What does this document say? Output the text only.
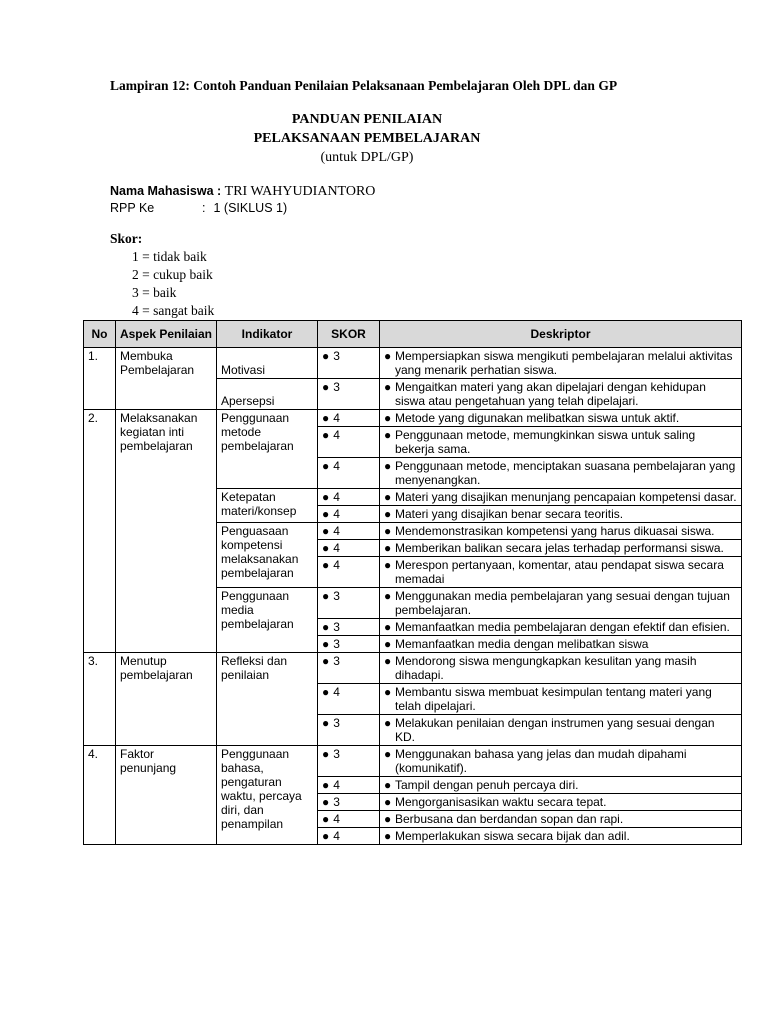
Lampiran 12: Contoh Panduan Penilaian Pelaksanaan Pembelajaran Oleh DPL dan GP
PANDUAN PENILAIAN
PELAKSANAAN PEMBELAJARAN
(untuk DPL/GP)
Nama Mahasiswa : TRI WAHYUDIANTORO
RPP Ke	: 1 (SIKLUS 1)
Skor:
1 = tidak baik
2 = cukup baik
3 = baik
4 = sangat baik
No	Aspek Penilaian	Indikator	SKOR	Deskriptor
1.	Membuka Pembelajaran	Motivasi	● 3	● Mempersiapkan siswa mengikuti pembelajaran melalui aktivitas yang menarik perhatian siswa.

		Apersepsi	● 3	● Mengaitkan materi yang akan dipelajari dengan kehidupan siswa atau pengetahuan yang telah dipelajari.

2.	Melaksanakan kegiatan inti pembelajaran	Penggunaan metode pembelajaran	● 4	● Metode yang digunakan melibatkan siswa untuk aktif.

			● 4	● Penggunaan metode, memungkinkan siswa untuk saling bekerja sama.

			● 4	● Penggunaan metode, menciptakan suasana pembelajaran yang menyenangkan.

		Ketepatan materi/konsep	● 4	● Materi yang disajikan menunjang pencapaian kompetensi dasar.

			● 4	● Materi yang disajikan benar secara teoritis.

		Penguasaan kompetensi melaksanakan pembelajaran	● 4	● Mendemonstrasikan kompetensi yang harus dikuasai siswa.

			● 4	● Memberikan balikan secara jelas terhadap performansi siswa.

			● 4	● Merespon pertanyaan, komentar, atau pendapat siswa secara memadai

		Penggunaan media pembelajaran	● 3	● Menggunakan media pembelajaran yang sesuai dengan tujuan pembelajaran.

			● 3	● Memanfaatkan media pembelajaran dengan efektif dan efisien.

			● 3	● Memanfaatkan media dengan melibatkan siswa

3.	Menutup pembelajaran	Refleksi dan penilaian	● 3	● Mendorong siswa mengungkapkan kesulitan yang masih dihadapi.

			● 4	● Membantu siswa membuat kesimpulan tentang materi yang telah dipelajari.

			● 3	● Melakukan penilaian dengan instrumen yang sesuai dengan KD.

4.	Faktor penunjang	Penggunaan bahasa, pengaturan waktu, percaya diri, dan penampilan	● 3	● Menggunakan bahasa yang jelas dan mudah dipahami (komunikatif).

			● 4	● Tampil dengan penuh percaya diri.

			● 3	● Mengorganisasikan waktu secara tepat.

			● 4	● Berbusana dan berdandan sopan dan rapi.

			● 4	● Memperlakukan siswa secara bijak dan adil.
